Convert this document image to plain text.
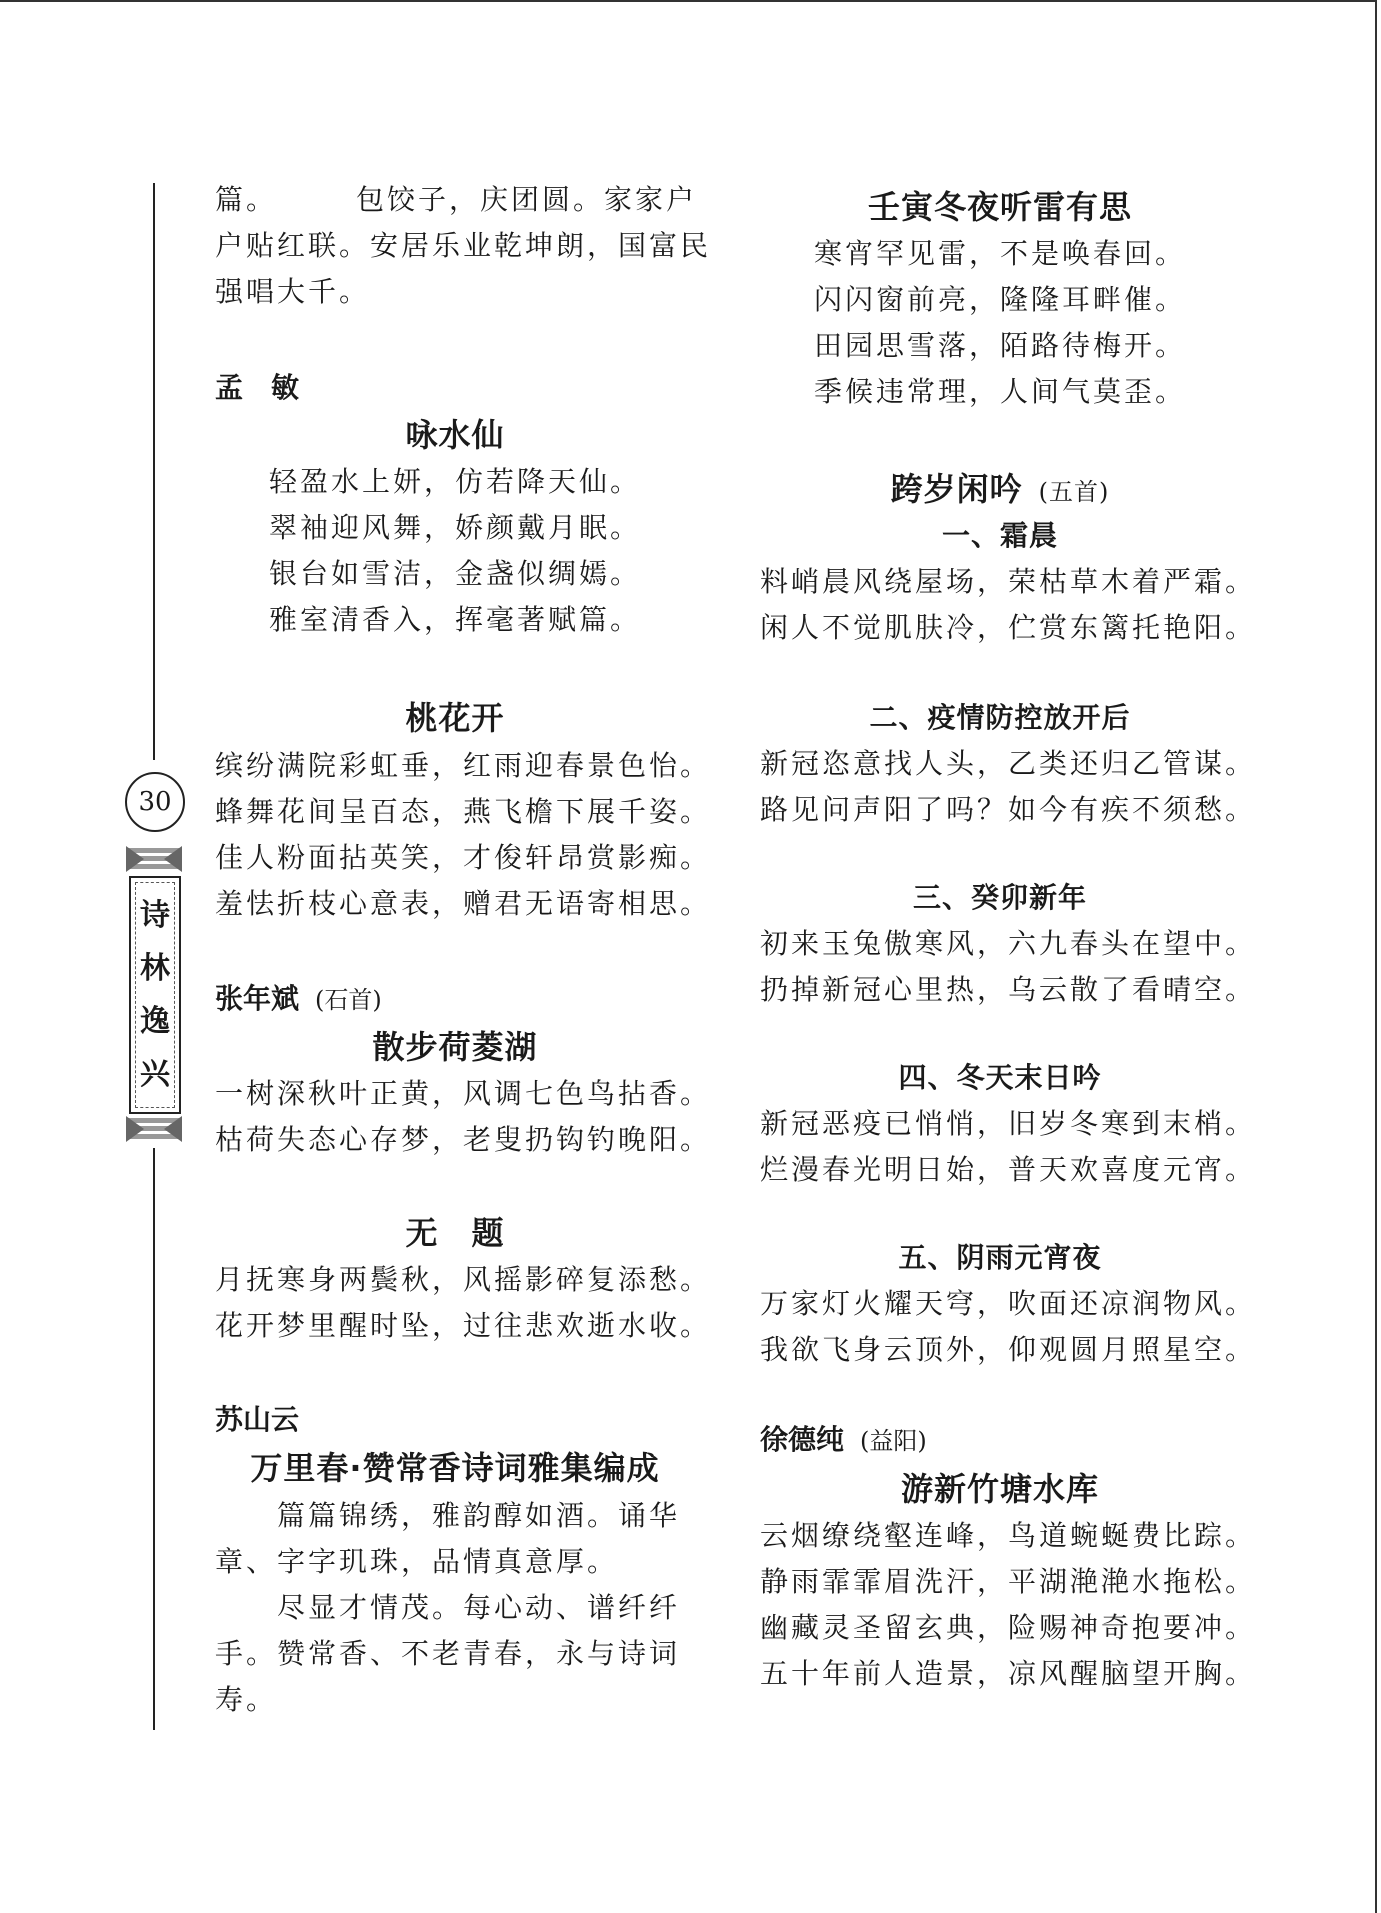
30
诗
林
逸
兴
篇。　　　包饺子，庆团圆。家家户
户贴红联。安居乐业乾坤朗，国富民
强唱大千。
孟　敏
咏水仙
轻盈水上妍，仿若降天仙。
翠袖迎风舞，娇颜戴月眠。
银台如雪洁，金盏似绸嫣。
雅室清香入，挥毫著赋篇。
桃花开
缤纷满院彩虹垂，红雨迎春景色怡。
蜂舞花间呈百态，燕飞檐下展千姿。
佳人粉面拈英笑，才俊轩昂赏影痴。
羞怯折枝心意表，赠君无语寄相思。
张年斌 (石首)
散步荷菱湖
一树深秋叶正黄，风调七色鸟拈香。
枯荷失态心存梦，老叟扔钩钓晚阳。
无　题
月抚寒身两鬓秋，风摇影碎复添愁。
花开梦里醒时坠，过往悲欢逝水收。
苏山云
万里春·赞常香诗词雅集编成
　　篇篇锦绣，雅韵醇如酒。诵华
章、字字玑珠，品情真意厚。
　　尽显才情茂。每心动、谱纤纤
手。赞常香、不老青春，永与诗词
寿。
壬寅冬夜听雷有思
寒宵罕见雷，不是唤春回。
闪闪窗前亮，隆隆耳畔催。
田园思雪落，陌路待梅开。
季候违常理，人间气莫歪。
跨岁闲吟 (五首)
一、霜晨
料峭晨风绕屋场，荣枯草木着严霜。
闲人不觉肌肤冷，伫赏东篱托艳阳。
二、疫情防控放开后
新冠恣意找人头，乙类还归乙管谋。
路见问声阳了吗？如今有疾不须愁。
三、癸卯新年
初来玉兔傲寒风，六九春头在望中。
扔掉新冠心里热，乌云散了看晴空。
四、冬天末日吟
新冠恶疫已悄悄，旧岁冬寒到末梢。
烂漫春光明日始，普天欢喜度元宵。
五、阴雨元宵夜
万家灯火耀天穹，吹面还凉润物风。
我欲飞身云顶外，仰观圆月照星空。
徐德纯 (益阳)
游新竹塘水库
云烟缭绕壑连峰，鸟道蜿蜒费比踪。
静雨霏霏眉洗汗，平湖滟滟水拖松。
幽藏灵圣留玄典，险赐神奇抱要冲。
五十年前人造景，凉风醒脑望开胸。
